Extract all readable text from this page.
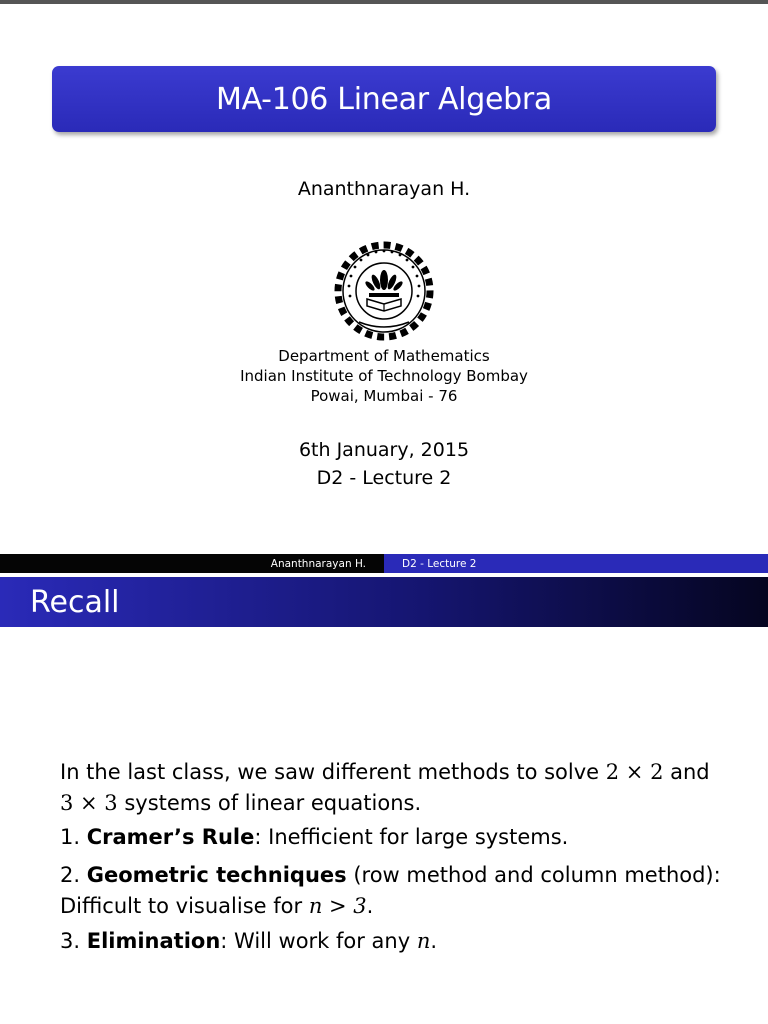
MA-106 Linear Algebra
Ananthnarayan H.
Department of Mathematics
Indian Institute of Technology Bombay
Powai, Mumbai - 76
6th January, 2015
D2 - Lecture 2
Ananthnarayan H.	D2 - Lecture 2
Recall
In the last class, we saw different methods to solve 2 × 2 and
3 × 3 systems of linear equations.
1. Cramer’s Rule: Inefficient for large systems.
2. Geometric techniques (row method and column method):
Difficult to visualise for n > 3.
3. Elimination: Will work for any n.
